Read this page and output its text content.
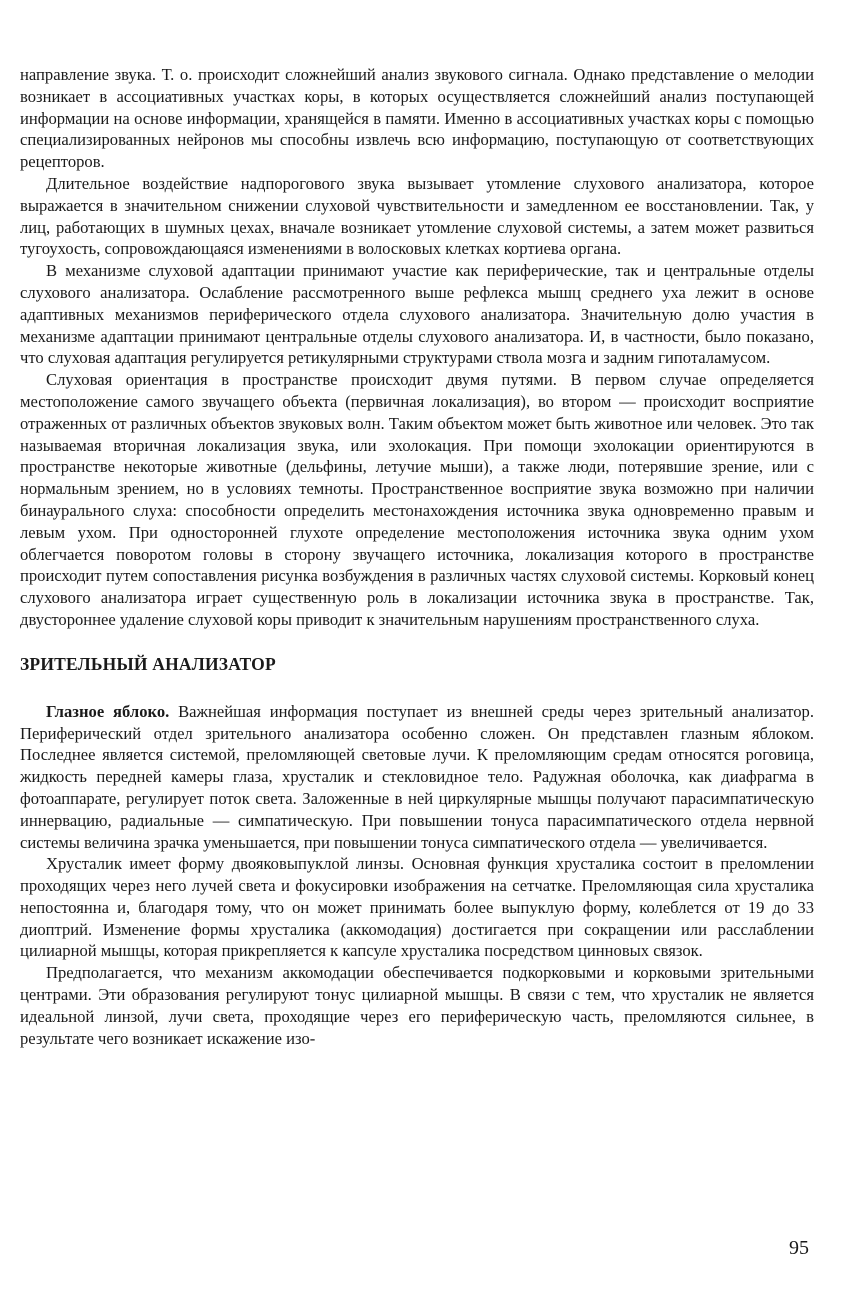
направление звука. Т. о. происходит сложнейший анализ звукового сигнала. Однако представление о мелодии возникает в ассоциативных участках коры, в которых осуществляется сложнейший анализ поступающей информации на основе информации, хранящейся в памяти. Именно в ассоциативных участках коры с помощью специализированных нейронов мы способны извлечь всю информацию, поступающую от соответствующих рецепторов.

Длительное воздействие надпорогового звука вызывает утомление слухового анализатора, которое выражается в значительном снижении слуховой чувствительности и замедленном ее восстановлении. Так, у лиц, работающих в шумных цехах, вначале возникает утомление слуховой системы, а затем может развиться тугоухость, сопровождающаяся изменениями в волосковых клетках кортиева органа.

В механизме слуховой адаптации принимают участие как периферические, так и центральные отделы слухового анализатора. Ослабление рассмотренного выше рефлекса мышц среднего уха лежит в основе адаптивных механизмов периферического отдела слухового анализатора. Значительную долю участия в механизме адаптации принимают центральные отделы слухового анализатора. И, в частности, было показано, что слуховая адаптация регулируется ретикулярными структурами ствола мозга и задним гипоталамусом.

Слуховая ориентация в пространстве происходит двумя путями. В первом случае определяется местоположение самого звучащего объекта (первичная локализация), во втором — происходит восприятие отраженных от различных объектов звуковых волн. Таким объектом может быть животное или человек. Это так называемая вторичная локализация звука, или эхолокация. При помощи эхолокации ориентируются в пространстве некоторые животные (дельфины, летучие мыши), а также люди, потерявшие зрение, или с нормальным зрением, но в условиях темноты. Пространственное восприятие звука возможно при наличии бинаурального слуха: способности определить местонахождения источника звука одновременно правым и левым ухом. При односторонней глухоте определение местоположения источника звука одним ухом облегчается поворотом головы в сторону звучащего источника, локализация которого в пространстве происходит путем сопоставления рисунка возбуждения в различных частях слуховой системы. Корковый конец слухового анализатора играет существенную роль в локализации источника звука в пространстве. Так, двустороннее удаление слуховой коры приводит к значительным нарушениям пространственного слуха.

ЗРИТЕЛЬНЫЙ АНАЛИЗАТОР

Глазное яблоко. Важнейшая информация поступает из внешней среды через зрительный анализатор. Периферический отдел зрительного анализатора особенно сложен. Он представлен глазным яблоком. Последнее является системой, преломляющей световые лучи. К преломляющим средам относятся роговица, жидкость передней камеры глаза, хрусталик и стекловидное тело. Радужная оболочка, как диафрагма в фотоаппарате, регулирует поток света. Заложенные в ней циркулярные мышцы получают парасимпатическую иннервацию, радиальные — симпатическую. При повышении тонуса парасимпатического отдела нервной системы величина зрачка уменьшается, при повышении тонуса симпатического отдела — увеличивается.

Хрусталик имеет форму двояковыпуклой линзы. Основная функция хрусталика состоит в преломлении проходящих через него лучей света и фокусировки изображения на сетчатке. Преломляющая сила хрусталика непостоянна и, благодаря тому, что он может принимать более выпуклую форму, колеблется от 19 до 33 диоптрий. Изменение формы хрусталика (аккомодация) достигается при сокращении или расслаблении цилиарной мышцы, которая прикрепляется к капсуле хрусталика посредством цинновых связок.

Предполагается, что механизм аккомодации обеспечивается подкорковыми и корковыми зрительными центрами. Эти образования регулируют тонус цилиарной мышцы. В связи с тем, что хрусталик не является идеальной линзой, лучи света, проходящие через его периферическую часть, преломляются сильнее, в результате чего возникает искажение изо-

95
